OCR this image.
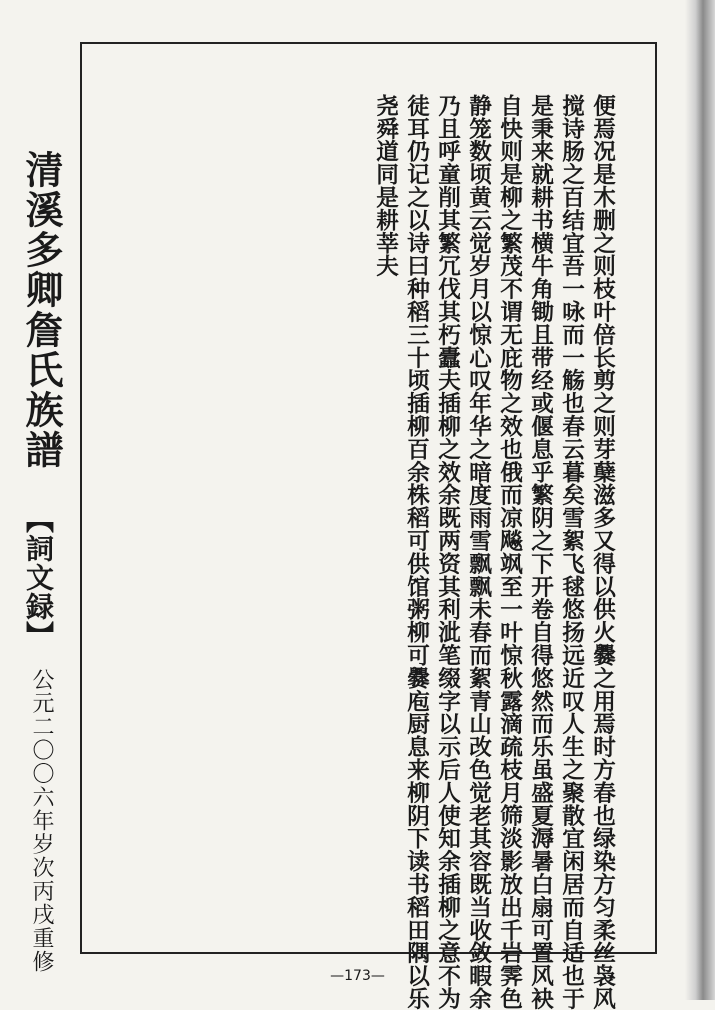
清溪多卿詹氏族譜
【詞文録】
公元二〇〇六年岁次丙戌重修	便焉况是木删之则枝叶倍长剪之则芽蘖滋多又得以供火爨之用焉时方春也绿染方匀柔丝袅风
搅诗肠之百结宜吾一咏而一觞也春云暮矣雪絮飞毬悠扬远近叹人生之聚散宜闲居而自适也于
是秉来就耕书横牛角锄且带经或偃息乎繁阴之下开卷自得悠然而乐虽盛夏溽暑白扇可置风袂
自快则是柳之繁茂不谓无庇物之效也俄而凉飚飒至一叶惊秋露滴疏枝月筛淡影放出千岩霁色
静笼数顷黄云觉岁月以惊心叹年华之暗度雨雪飘飘未春而絮青山改色觉老其容既当收敛暇余
乃且呼童削其繁冗伐其朽蠹夫插柳之效余既两资其利泚笔缀字以示后人使知余插柳之意不为
徒耳仍记之以诗曰种稻三十顷插柳百余株稻可供馆粥柳可爨庖厨息来柳阴下读书稻田隅以乐
尧舜道同是耕莘夫
—173—
